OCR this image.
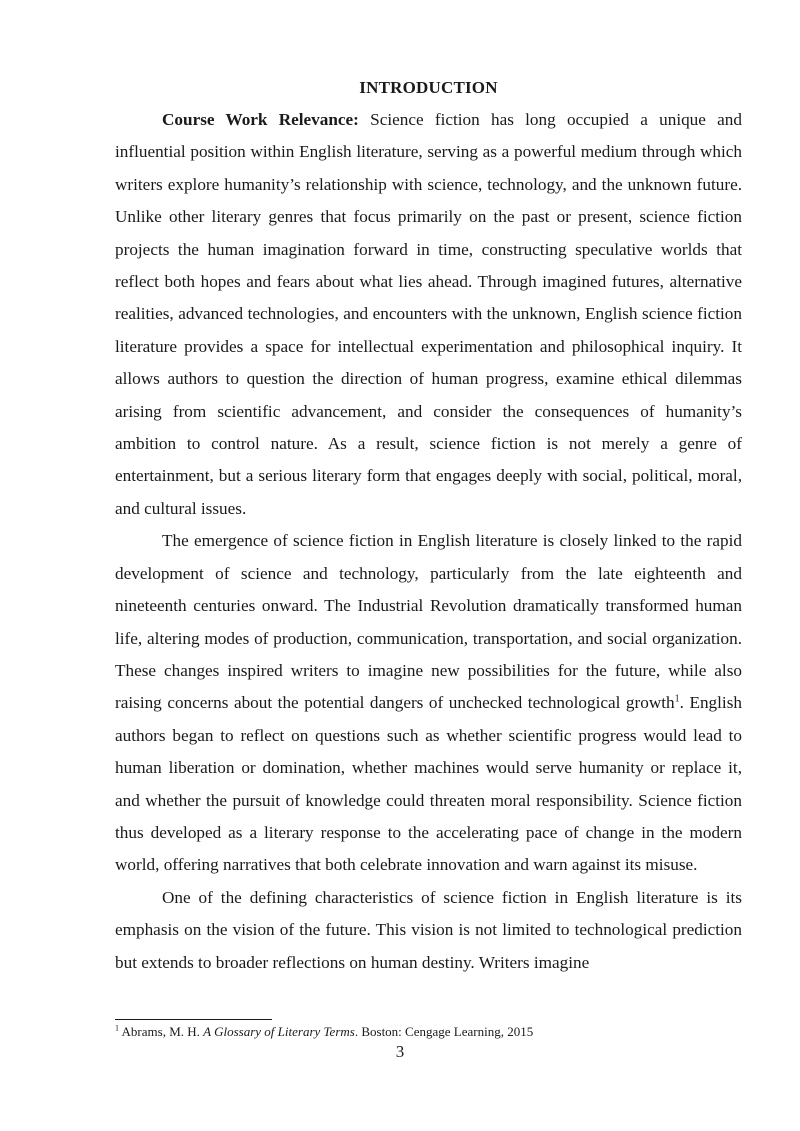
INTRODUCTION

Course Work Relevance: Science fiction has long occupied a unique and influential position within English literature, serving as a powerful medium through which writers explore humanity’s relationship with science, technology, and the unknown future. Unlike other literary genres that focus primarily on the past or present, science fiction projects the human imagination forward in time, constructing speculative worlds that reflect both hopes and fears about what lies ahead. Through imagined futures, alternative realities, advanced technologies, and encounters with the unknown, English science fiction literature provides a space for intellectual experimentation and philosophical inquiry. It allows authors to question the direction of human progress, examine ethical dilemmas arising from scientific advancement, and consider the consequences of humanity’s ambition to control nature. As a result, science fiction is not merely a genre of entertainment, but a serious literary form that engages deeply with social, political, moral, and cultural issues.

The emergence of science fiction in English literature is closely linked to the rapid development of science and technology, particularly from the late eighteenth and nineteenth centuries onward. The Industrial Revolution dramatically transformed human life, altering modes of production, communication, transportation, and social organization. These changes inspired writers to imagine new possibilities for the future, while also raising concerns about the potential dangers of unchecked technological growth$^1$. English authors began to reflect on questions such as whether scientific progress would lead to human liberation or domination, whether machines would serve humanity or replace it, and whether the pursuit of knowledge could threaten moral responsibility. Science fiction thus developed as a literary response to the accelerating pace of change in the modern world, offering narratives that both celebrate innovation and warn against its misuse.

One of the defining characteristics of science fiction in English literature is its emphasis on the vision of the future. This vision is not limited to technological prediction but extends to broader reflections on human destiny. Writers imagine

$^1$ Abrams, M. H. A Glossary of Literary Terms. Boston: Cengage Learning, 2015
3
